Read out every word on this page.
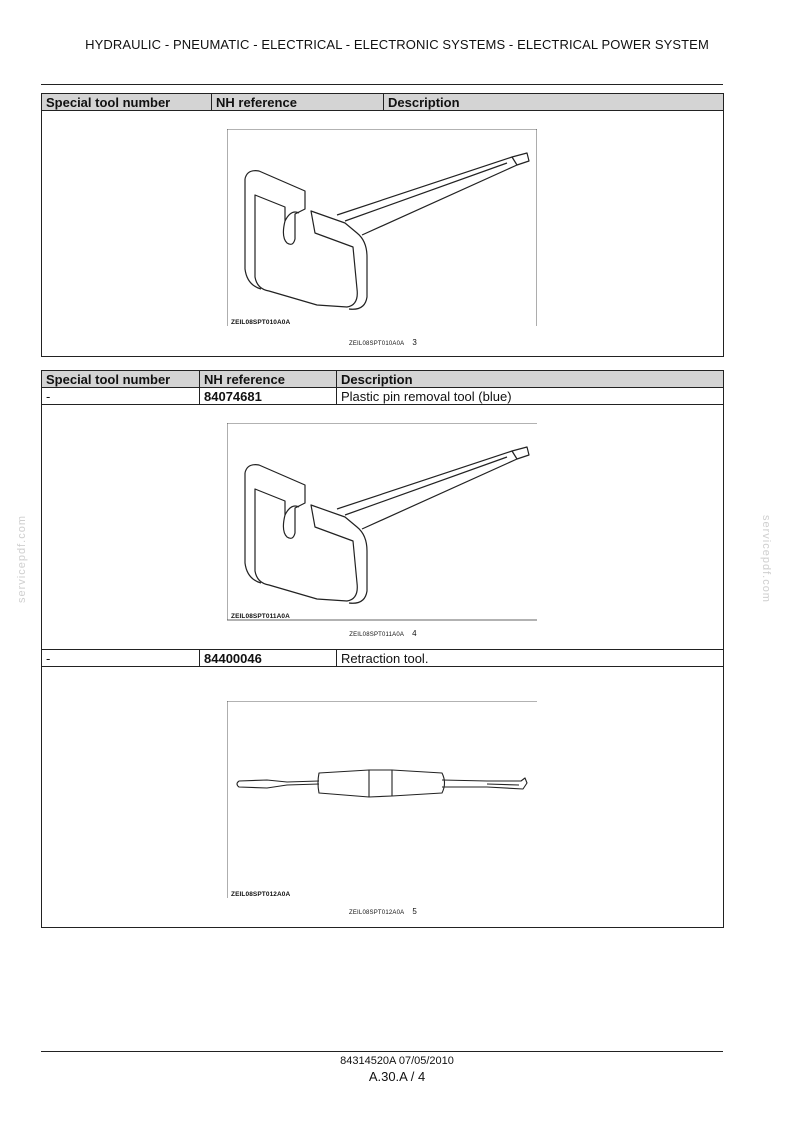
HYDRAULIC - PNEUMATIC - ELECTRICAL - ELECTRONIC SYSTEMS - ELECTRICAL POWER SYSTEM
servicepdf.com	servicepdf.com
Special tool number	NH reference	Description

ZEIL08SPT010A0A
ZEIL08SPT010A0A 3
Special tool number	NH reference	Description
-	84074681	Plastic pin removal tool (blue)

ZEIL08SPT011A0A
ZEIL08SPT011A0A 4		

-	84400046	Retraction tool.

ZEIL08SPT012A0A
ZEIL08SPT012A0A 5		
84314520A 07/05/2010
A.30.A / 4
